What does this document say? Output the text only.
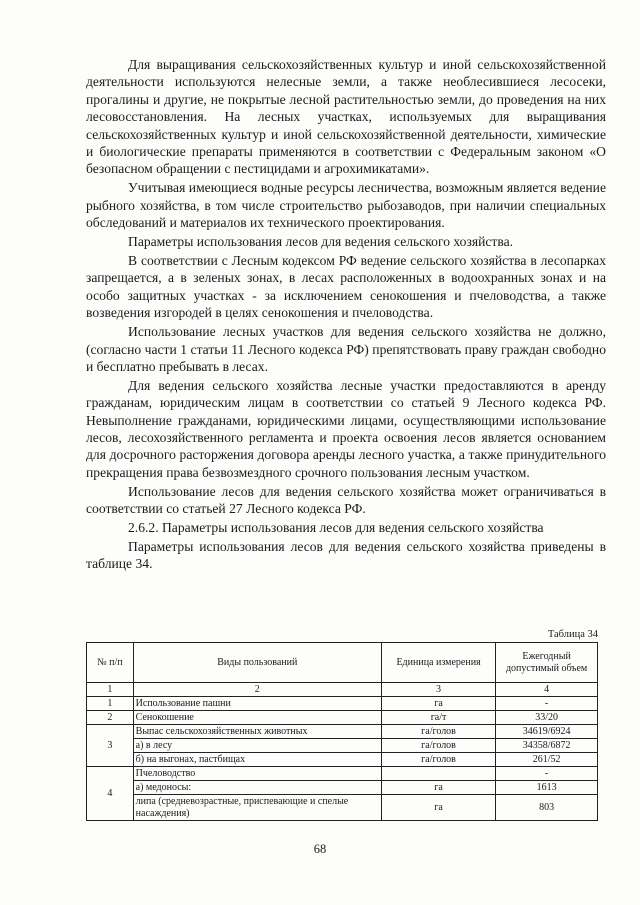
Для выращивания сельскохозяйственных культур и иной сельскохозяйственной деятельности используются нелесные земли, а также необлесившиеся лесосеки, прогалины и другие, не покрытые лесной растительностью земли, до проведения на них лесовосстановления. На лесных участках, используемых для выращивания сельскохозяйственных культур и иной сельскохозяйственной деятельности, химические и биологические препараты применяются в соответствии с Федеральным законом «О безопасном обращении с пестицидами и агрохимикатами».

Учитывая имеющиеся водные ресурсы лесничества, возможным является ведение рыбного хозяйства, в том числе строительство рыбозаводов, при наличии специальных обследований и материалов их технического проектирования.

Параметры использования лесов для ведения сельского хозяйства.

В соответствии с Лесным кодексом РФ ведение сельского хозяйства в лесопарках запрещается, а в зеленых зонах, в лесах расположенных в водоохранных зонах и на особо защитных участках - за исключением сенокошения и пчеловодства, а также возведения изгородей в целях сенокошения и пчеловодства.

Использование лесных участков для ведения сельского хозяйства не должно, (согласно части 1 статьи 11 Лесного кодекса РФ) препятствовать праву граждан свободно и бесплатно пребывать в лесах.

Для ведения сельского хозяйства лесные участки предоставляются в аренду гражданам, юридическим лицам в соответствии со статьей 9 Лесного кодекса РФ. Невыполнение гражданами, юридическими лицами, осуществляющими использование лесов, лесохозяйственного регламента и проекта освоения лесов является основанием для досрочного расторжения договора аренды лесного участка, а также принудительного прекращения права безвозмездного срочного пользования лесным участком.

Использование лесов для ведения сельского хозяйства может ограничиваться в соответствии со статьей 27 Лесного кодекса РФ.

2.6.2. Параметры использования лесов для ведения сельского хозяйства

Параметры использования лесов для ведения сельского хозяйства приведены в таблице 34.

Таблица 34
№ п/п	Виды пользований	Единица измерения	Ежегодный допустимый объем
1	2	3	4
1	Использование пашни	га	-
2	Сенокошение	га/т	33/20
3	Выпас сельскохозяйственных животных	га/голов	34619/6924
	а) в лесу	га/голов	34358/6872
	б) на выгонах, пастбищах	га/голов	261/52
4	Пчеловодство		-
	а) медоносы:	га	1613
	липа (средневозрастные, приспевающие и спелые насаждения)	га	803
68
